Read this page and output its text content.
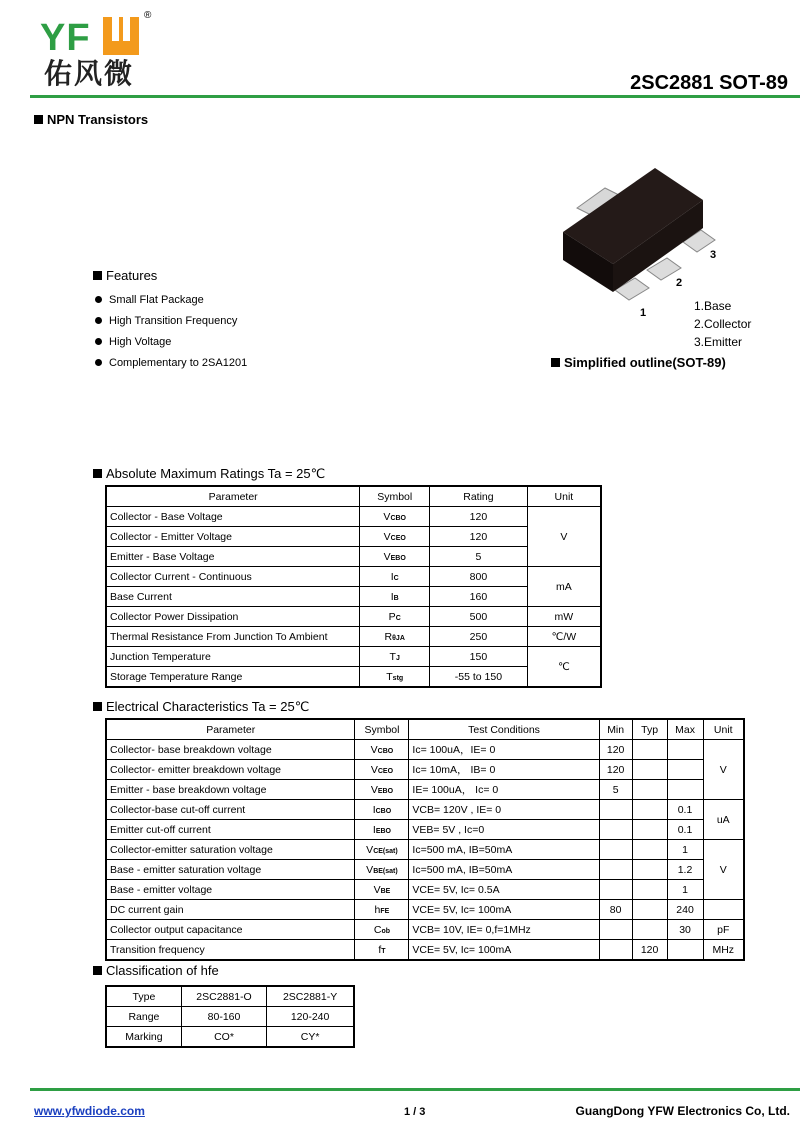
YF
®
佑风微	2SC2881 SOT-89
NPN Transistors
Features
Small Flat Package
High Transition Frequency
High Voltage
Complementary to 2SA1201
3
2
1	1.Base
2.Collector
3.Emitter
Simplified outline(SOT-89)
Absolute Maximum Ratings Ta = 25℃
Parameter	Symbol	Rating	Unit
Collector - Base Voltage	VCBO	120	V
Collector - Emitter Voltage	VCEO	120	
Emitter - Base Voltage	VEBO	5	
Collector Current - Continuous	IC	800	mA
Base Current	IB	160	
Collector Power Dissipation	PC	500	mW
Thermal Resistance From Junction To Ambient	RθJA	250	℃/W
Junction Temperature	TJ	150	℃
Storage Temperature Range	Tstg	-55 to 150	
Electrical Characteristics Ta = 25℃
Parameter	Symbol	Test Conditions	Min	Typ	Max	Unit
Collector- base breakdown voltage	VCBO	Ic= 100uA，IE= 0	120			V
Collector- emitter breakdown voltage	VCEO	Ic= 10mA， IB= 0	120			
Emitter - base breakdown voltage	VEBO	IE= 100uA， Ic= 0	5			
Collector-base cut-off current	ICBO	VCB= 120V , IE= 0			0.1	uA
Emitter cut-off current	IEBO	VEB= 5V , Ic=0			0.1	
Collector-emitter saturation voltage	VCE(sat)	Ic=500 mA, IB=50mA			1	V
Base - emitter saturation voltage	VBE(sat)	Ic=500 mA, IB=50mA			1.2	
Base - emitter voltage	VBE	VCE= 5V, Ic= 0.5A			1	
DC current gain	hFE	VCE= 5V, Ic= 100mA	80		240	
Collector output capacitance	Cob	VCB= 10V, IE= 0,f=1MHz			30	pF
Transition frequency	fT	VCE= 5V, Ic= 100mA		120		MHz
Classification of hfe
Type	2SC2881-O	2SC2881-Y
Range	80-160	120-240
Marking	CO*	CY*
www.yfwdiode.com	1 / 3	GuangDong YFW Electronics Co, Ltd.
